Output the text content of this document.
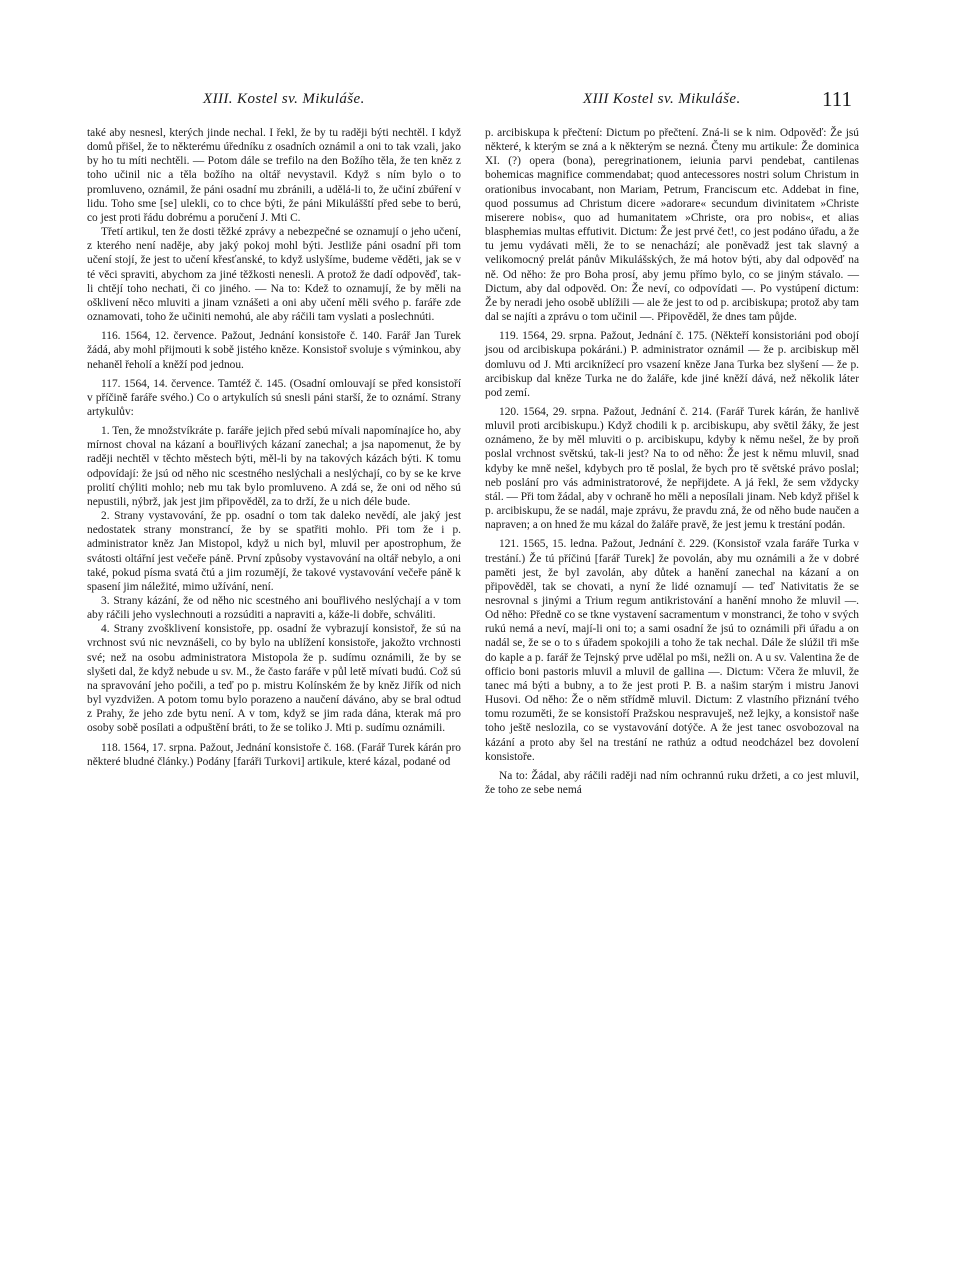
XIII. Kostel sv. Mikuláše.	XIII Kostel sv. Mikuláše.	111

také aby nesnesl, kterých jinde nechal. I řekl, že by tu raději býti nechtěl. I když domů přišel, že to některému úředníku z osadních oznámil a oni to tak vzali, jako by ho tu míti nechtěli. — Potom dále se trefilo na den Božího těla, že ten kněz z toho učinil nic a těla božího na oltář nevystavil. Když s ním bylo o to promluveno, oznámil, že páni osadní mu zbránili, a udělá-li to, že učiní zbúření v lidu. Toho sme [se] ulekli, co to chce býti, že páni Mikulášští před sebe to berú, co jest proti řádu dobrému a poručení J. Mti C.

Třetí artikul, ten že dosti těžké zprávy a nebezpečné se oznamují o jeho učení, z kterého není naděje, aby jaký pokoj mohl býti. Jestliže páni osadní při tom učení stojí, že jest to učení křesťanské, to když uslyšíme, budeme věděti, jak se v té věci spraviti, abychom za jiné těžkosti nenesli. A protož že dadí odpověď, tak-li chtějí toho nechati, či co jiného. — Na to: Kdež to oznamují, že by měli na ošklivení něco mluviti a jinam vznášeti a oni aby učení měli svého p. faráře zde oznamovati, toho že učiniti nemohú, ale aby ráčili tam vyslati a poslechnúti.

116. 1564, 12. července. Pažout, Jednání konsistoře č. 140. Farář Jan Turek žádá, aby mohl přijmouti k sobě jistého kněze. Konsistoř svoluje s výminkou, aby nehaněl řeholí a kněží pod jednou.

117. 1564, 14. července. Tamtéž č. 145. (Osadní omlouvají se před konsistoří v příčině faráře svého.) Co o artykulích sú snesli páni starší, že to oznámí. Strany artykulův:

1. Ten, že množstvíkráte p. faráře jejich před sebú mívali napomínajíce ho, aby mírnost choval na kázaní a bouřlivých kázaní zanechal; a jsa napomenut, že by raději nechtěl v těchto městech býti, měl-li by na takových kázách býti. K tomu odpovídají: že jsú od něho nic scestného neslýchali a neslýchají, co by se ke krve prolití chýliti mohlo; neb mu tak bylo promluveno. A zdá se, že oni od něho sú nepustili, nýbrž, jak jest jim připověděl, za to drží, že u nich déle bude.

2. Strany vystavování, že pp. osadní o tom tak daleko nevědí, ale jaký jest nedostatek strany monstrancí, že by se spatřiti mohlo. Při tom že i p. administrator kněz Jan Mistopol, když u nich byl, mluvil per apostrophum, že svátosti oltářní jest večeře páně. První způsoby vystavování na oltář nebylo, a oni také, pokud písma svatá čtú a jim rozumějí, že takové vystavování večeře páně k spasení jim náležité, mimo užívání, není.

3. Strany kázání, že od něho nic scestného ani bouřlivého neslýchají a v tom aby ráčili jeho vyslechnouti a rozsúditi a napraviti a, káže-li dobře, schváliti.

4. Strany zvošklivení konsistoře, pp. osadní že vybrazují konsistoř, že sú na vrchnost svú nic nevznášeli, co by bylo na ublížení konsistoře, jakožto vrchnosti své; než na osobu administratora Mistopola že p. sudímu oznámili, že by se slyšeti dal, že když nebude u sv. M., že často faráře v půl letě mívati budú. Což sú na spravování jeho počili, a teď po p. mistru Kolínském že by kněz Jiřík od nich byl vyzdvižen. A potom tomu bylo porazeno a naučení dáváno, aby se bral odtud z Prahy, že jeho zde bytu není. A v tom, když se jim rada dána, kterak má pro osoby sobě posílati a odpuštění bráti, to že se toliko J. Mti p. sudímu oznámili.

118. 1564, 17. srpna. Pažout, Jednání konsistoře č. 168. (Farář Turek kárán pro některé bludné články.) Podány [faráři Turkovi] artikule, které kázal, podané od

p. arcibiskupa k přečtení: Dictum po přečtení. Zná-li se k nim. Odpověď: Že jsú některé, k kterým se zná a k některým se nezná. Čteny mu artikule: Že dominica XI. (?) opera (bona), peregrinationem, ieiunia parvi pendebat, cantilenas bohemicas magnifice commendabat; quod antecessores nostri solum Christum in orationibus invocabant, non Mariam, Petrum, Franciscum etc. Addebat in fine, quod possumus ad Christum dicere »adorare« secundum divinitatem »Christe miserere nobis«, quo ad humanitatem »Christe, ora pro nobis«, et alias blasphemias multas effutivit. Dictum: Že jest prvé čet!, co jest podáno úřadu, a že tu jemu vydávati měli, že to se nenachází; ale poněvadž jest tak slavný a velikomocný prelát pánův Mikulášských, že má hotov býti, aby dal odpověď na ně. Od něho: že pro Boha prosí, aby jemu přímo bylo, co se jiným stávalo. — Dictum, aby dal odpověd. On: Že neví, co odpovídati —. Po vystúpení dictum: Že by neradi jeho osobě ublížili — ale že jest to od p. arcibiskupa; protož aby tam dal se najíti a zprávu o tom učinil —. Připověděl, že dnes tam půjde.

119. 1564, 29. srpna. Pažout, Jednání č. 175. (Někteří konsistoriáni pod obojí jsou od arcibiskupa pokáráni.) P. administrator oznámil — že p. arcibiskup měl domluvu od J. Mti arciknížecí pro vsazení kněze Jana Turka bez slyšení — že p. arcibiskup dal kněze Turka ne do žaláře, kde jiné kněží dává, než několik láter pod zemí.

120. 1564, 29. srpna. Pažout, Jednání č. 214. (Farář Turek kárán, že hanlivě mluvil proti arcibiskupu.) Když chodili k p. arcibiskupu, aby světil žáky, že jest oznámeno, že by měl mluviti o p. arcibiskupu, kdyby k němu nešel, že by proň poslal vrchnost světskú, tak-li jest? Na to od něho: Že jest k němu mluvil, snad kdyby ke mně nešel, kdybych pro tě poslal, že bych pro tě světské právo poslal; neb poslání pro vás administratorové, že nepřijdete. A já řekl, že sem vždycky stál. — Při tom žádal, aby v ochraně ho měli a neposílali jinam. Neb když přišel k p. arcibiskupu, že se nadál, maje zprávu, že pravdu zná, že od něho bude naučen a napraven; a on hned že mu kázal do žaláře pravě, že jest jemu k trestání podán.

121. 1565, 15. ledna. Pažout, Jednání č. 229. (Konsistoř vzala faráře Turka v trestání.) Že tú příčinú [farář Turek] že povolán, aby mu oznámili a že v dobré paměti jest, že byl zavolán, aby důtek a hanění zanechal na kázaní a on připověděl, tak se chovati, a nyní že lidé oznamují — teď Nativitatis že se nesrovnal s jinými a Trium regum antikristování a hanění mnoho že mluvil —. Od něho: Předně co se tkne vystavení sacramentum v monstranci, že toho v svých rukú nemá a neví, mají-li oni to; a sami osadní že jsú to oznámili při úřadu a on nadál se, že se o to s úřadem spokojili a toho že tak nechal. Dále že slúžil tři mše do kaple a p. farář že Tejnský prve udělal po mši, nežli on. A u sv. Valentina že de officio boni pastoris mluvil a mluvil de gallina —. Dictum: Včera že mluvil, že tanec má býti a bubny, a to že jest proti P. B. a našim starým i mistru Janovi Husovi. Od něho: Že o něm střídmě mluvil. Dictum: Z vlastního přiznání tvého tomu rozuměti, že se konsistoří Pražskou nespravuješ, než lejky, a konsistoř naše toho ještě neslozila, co se vystavování dotýče. A že jest tanec osvobozoval na kázání a proto aby šel na trestání ne rathúz a odtud neodcházel bez dovolení konsistoře.

Na to: Žádal, aby ráčili raději nad ním ochrannú ruku držeti, a co jest mluvil, že toho ze sebe nemá
